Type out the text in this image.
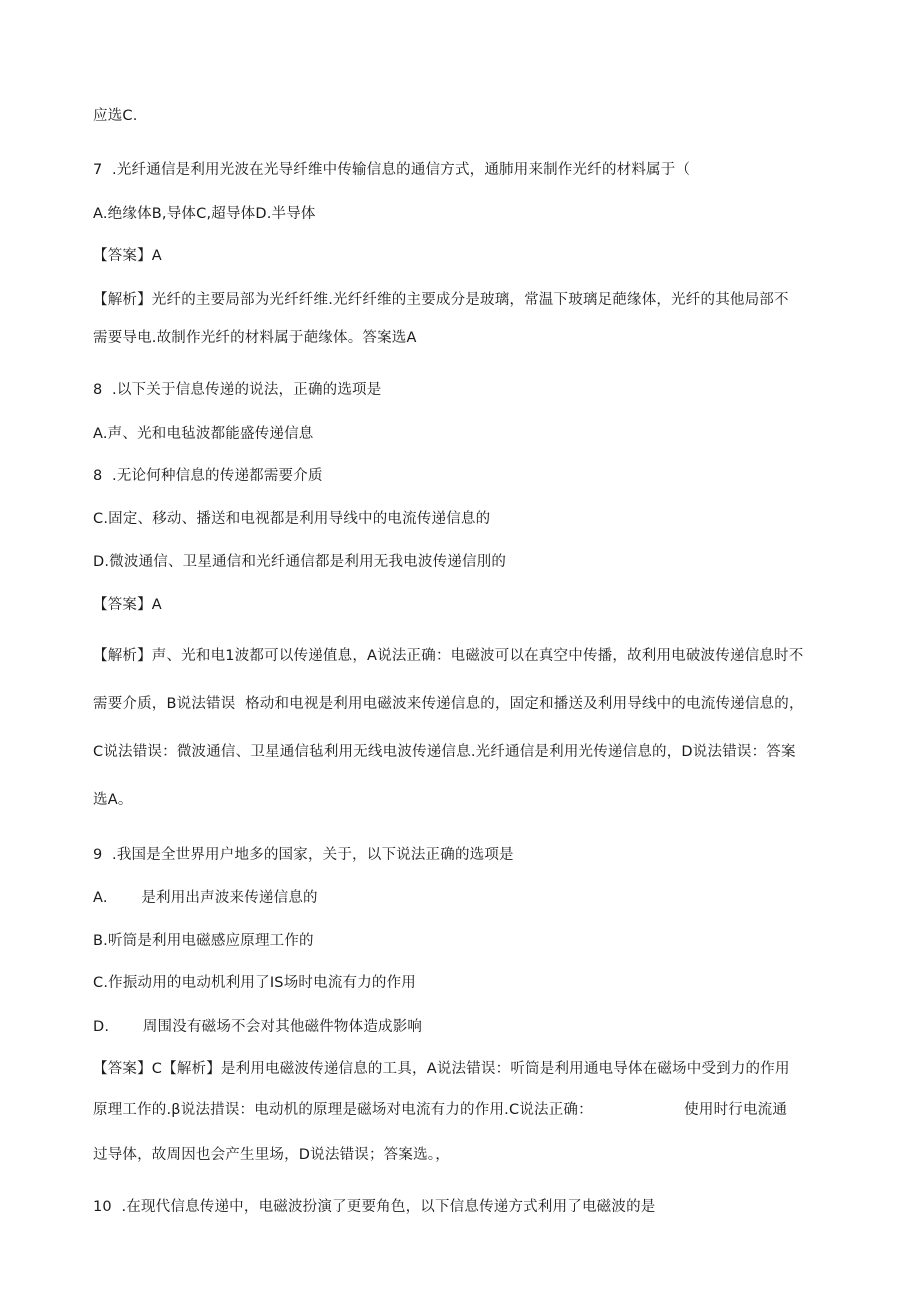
应选C.
7  .光纤通信是利用光波在光导纤维中传输信息的通信方式，通肺用来制作光纤的材料属于（
A.绝缘体B,导体C,超导体D.半导体
【答案】A
【解析】光纤的主要局部为光纤纤维.光纤纤维的主要成分是玻璃，常温下玻璃足葩缘体，光纤的其他局部不
需要导电.故制作光纤的材料属于葩缘体。答案选A
8  .以下关于信息传递的说法，正确的选项是
A.声、光和电毡波都能盛传递信息
8  .无论何种信息的传递都需要介质
C.固定、移动、播送和电视都是利用导线中的电流传递信息的
D.微波通信、卫星通信和光纤通信都是利用无我电波传递信刖的
【答案】A
【解析】声、光和电1波都可以传递值息，A说法正确：电磁波可以在真空中传播，故利用电破波传递信息时不
需要介质，B说法错误  格动和电视是利用电磁波来传递信息的，固定和播送及利用导线中的电流传递信息的，
C说法错误：微波通信、卫星通信毡利用无线电波传递信息.光纤通信是利用光传递信息的，D说法错误：答案
选A。
9  .我国是全世界用户地多的国家，关于，以下说法正确的选项是
A.       是利用出声波来传递信息的
B.听筒是利用电磁感应原理工作的
C.作振动用的电动机利用了IS场时电流有力的作用
D.       周围没有磁场不会对其他磁件物体造成影响
【答案】C【解析】是利用电磁波传递信息的工具，A说法错误：听筒是利用通电导体在磁场中受到力的作用
原理工作的.β说法措误：电动机的原理是磁场对电流有力的作用.C说法正确：                   使用时行电流通
过导体，故周因也会产生里场，D说法错误；答案选。，
10  .在现代信息传递中，电磁波扮演了更要角色，以下信息传递方式利用了电磁波的是
